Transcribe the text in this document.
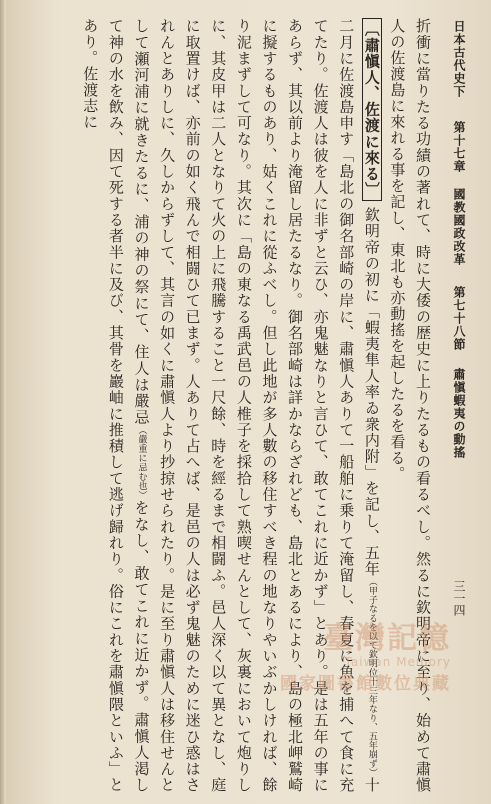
日本古代史下 第十七章 國教國政改革 第七十八節 肅愼蝦夷の動搖
三一四
折衝に當りたる功績の著れて、時に大倭の歴史に上りたるもの看るべし。然るに欽明帝に至り、始めて肅愼人の佐渡島に來れる事を記し、東北も亦動搖を起したるを看る。
〔肅愼人、佐渡に來る〕 欽明帝の初に「蝦夷隼人率ゐ衆内附」を記し、五年（甲子なるを以て欽明位十三年なり、五年崩ず）十二月に佐渡島申す「島北の御名部崎の岸に、肅愼人ありて一船舶に乗りて淹留し、春夏に魚を捕へて食に充てたり。佐渡人は彼を人に非ずと云ひ、亦鬼魅なりと言ひて、敢てこれに近かず」とあり。是は五年の事にあらず、其以前より淹留し居たるなり。御名部崎は詳かならざれども、島北とあるにより、島の極北岬鷲崎に擬するものあり、姑くこれに從ふべし。但し此地が多人數の移住すべき程の地なりやいぶかしければ、餘り泥まずして可なり。其次に「島の東なる禹武邑の人椎子を採拾して熟喫せんとして、灰裏において炮りしに、其皮甲は二人となりて火の上に飛騰すること一尺餘、時を經るまで相闘ふ。邑人深く以て異となし、庭に取置けば、亦前の如く飛んで相闘ひて已まず。人ありて占へば、是邑の人は必ず鬼魅のために迷ひ惑はされんとありしに、久しからずして、其言の如くに肅愼人より抄掠せられたり。是に至り肅愼人は移住せんとして瀬河浦に就きたるに、浦の神の祭にて、住人は嚴忌（嚴重に忌む也）をなし、敢てこれに近かず。肅愼人渇して神の水を飲み、因て死する者半に及び、其骨を巖岫に推積して逃げ歸れり。俗にこれを肅愼隈といふ」とあり。佐渡志に
臺灣記憶
Taiwan Memory
國家圖書館數位典藏
